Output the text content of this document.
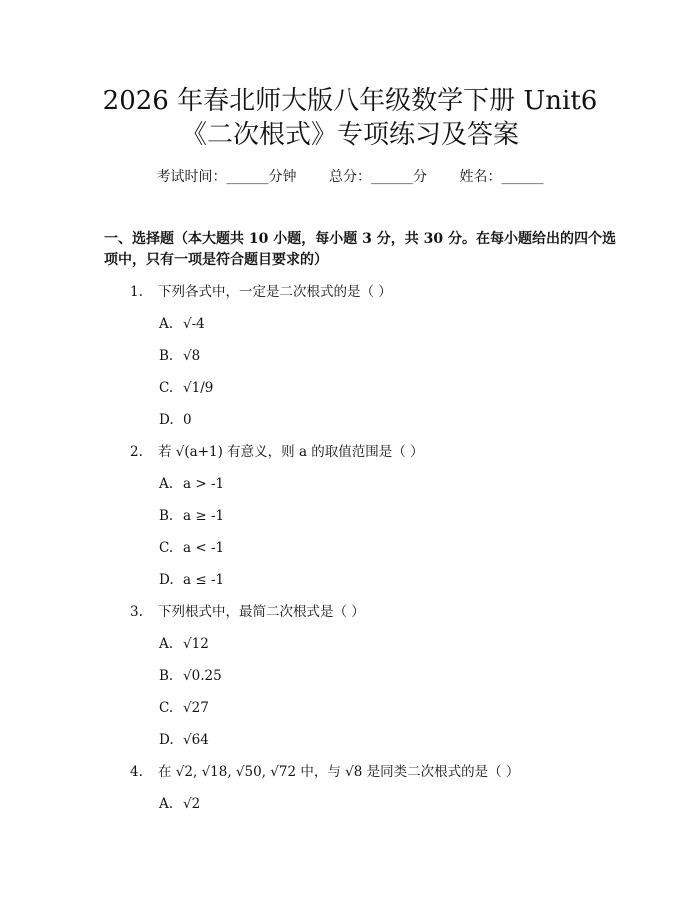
2026 年春北师大版八年级数学下册 Unit6
《二次根式》专项练习及答案
考试时间：______分钟 总分：______分 姓名：______
一、选择题（本大题共 10 小题，每小题 3 分，共 30 分。在每小题给出的四个选项中，只有一项是符合题目要求的）
1. 下列各式中，一定是二次根式的是（ ）
A. √-4
B. √8
C. √1/9
D. 0
2. 若 √(a+1) 有意义，则 a 的取值范围是（ ）
A. a > -1
B. a ≥ -1
C. a < -1
D. a ≤ -1
3. 下列根式中，最简二次根式是（ ）
A. √12
B. √0.25
C. √27
D. √64
4. 在 √2, √18, √50, √72 中，与 √8 是同类二次根式的是（ ）
A. √2
